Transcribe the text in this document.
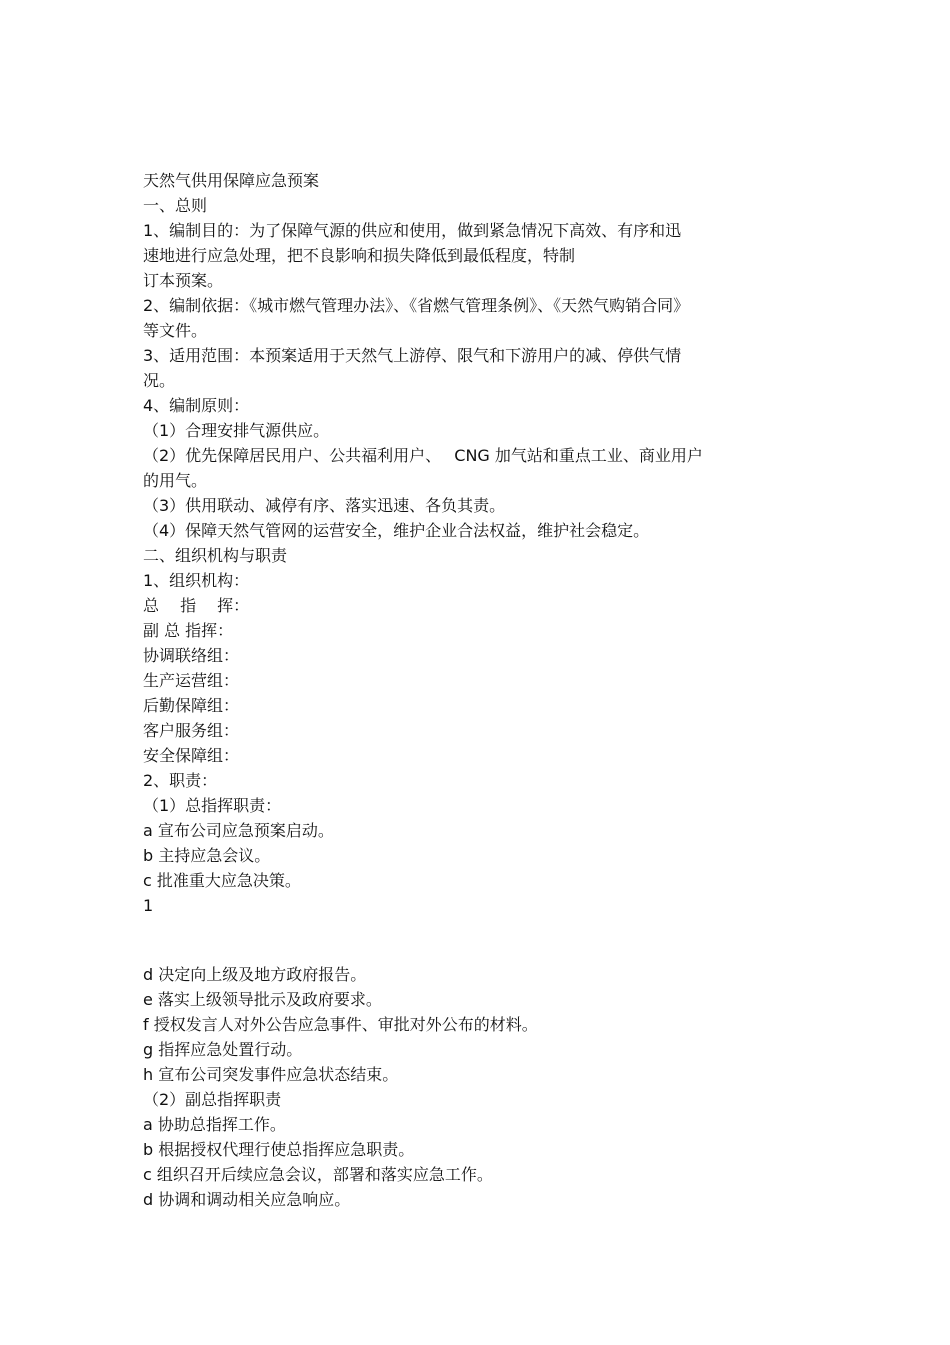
天然气供用保障应急预案
一、总则
1、编制目的：为了保障气源的供应和使用，做到紧急情况下高效、有序和迅
速地进行应急处理，把不良影响和损失降低到最低程度，特制
订本预案。
2、编制依据：《城市燃气管理办法》、《省燃气管理条例》、《天然气购销合同》
等文件。
3、适用范围：本预案适用于天然气上游停、限气和下游用户的减、停供气情
况。
4、编制原则：
（1）合理安排气源供应。
（2）优先保障居民用户、公共福利用户、　 CNG 加气站和重点工业、商业用户
的用气。
（3）供用联动、减停有序、落实迅速、各负其责。
（4）保障天然气管网的运营安全，维护企业合法权益，维护社会稳定。
二、组织机构与职责
1、组织机构：
总　 指　 挥：
副 总 指挥：
协调联络组：
生产运营组：
后勤保障组：
客户服务组：
安全保障组：
2、职责：
（1）总指挥职责：
a 宣布公司应急预案启动。
b 主持应急会议。
c 批准重大应急决策。
1
d 决定向上级及地方政府报告。
e 落实上级领导批示及政府要求。
f 授权发言人对外公告应急事件、审批对外公布的材料。
g 指挥应急处置行动。
h 宣布公司突发事件应急状态结束。
（2）副总指挥职责
a 协助总指挥工作。
b 根据授权代理行使总指挥应急职责。
c 组织召开后续应急会议，部署和落实应急工作。
d 协调和调动相关应急响应。
